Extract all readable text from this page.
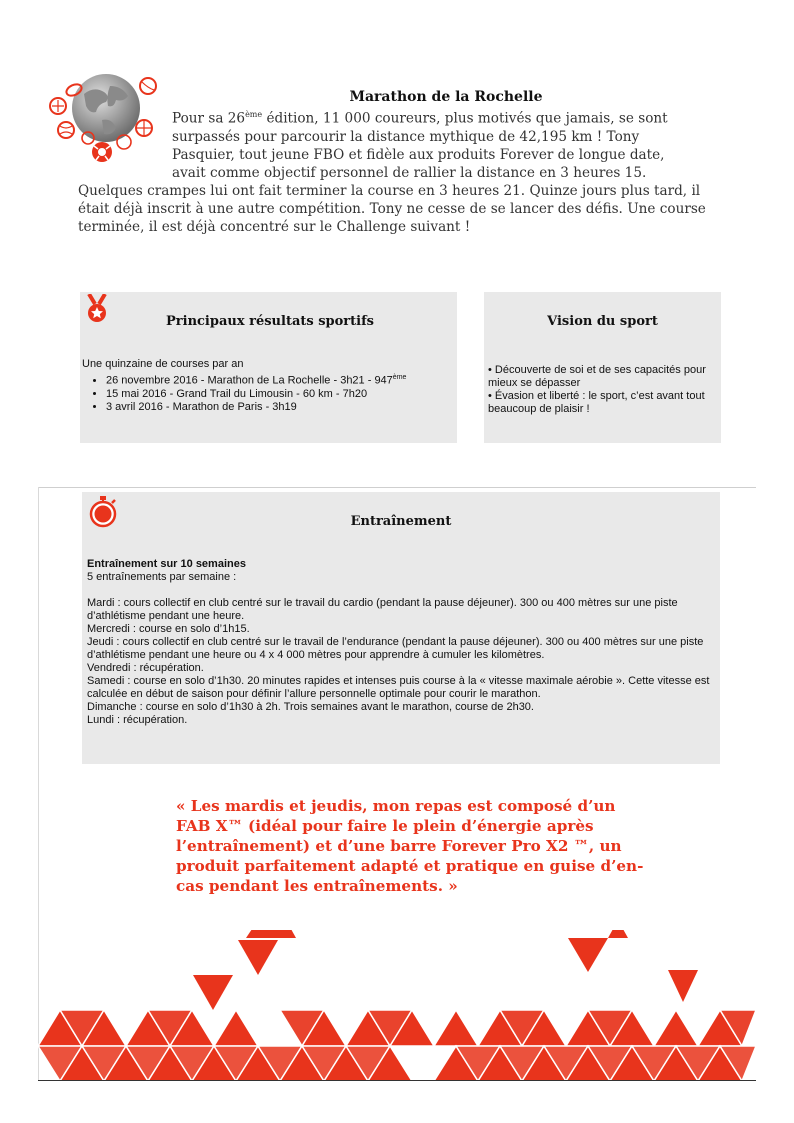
Marathon de la Rochelle
Pour sa 26ème édition, 11 000 coureurs, plus motivés que jamais, se sont
surpassés pour parcourir la distance mythique de 42,195 km ! Tony
Pasquier, tout jeune FBO et fidèle aux produits Forever de longue date,
avait comme objectif personnel de rallier la distance en 3 heures 15.
Quelques crampes lui ont fait terminer la course en 3 heures 21. Quinze jours plus tard, il était déjà inscrit à une autre compétition. Tony ne cesse de se lancer des défis. Une course terminée, il est déjà concentré sur le Challenge suivant !
Principaux résultats sportifs
Une quinzaine de courses par an
• 26 novembre 2016 - Marathon de La Rochelle - 3h21 - 947ème
• 15 mai 2016 - Grand Trail du Limousin - 60 km - 7h20
• 3 avril 2016 - Marathon de Paris - 3h19
Vision du sport
• Découverte de soi et de ses capacités pour mieux se dépasser
• Évasion et liberté : le sport, c’est avant tout beaucoup de plaisir !
Entraînement
Entraînement sur 10 semaines
5 entraînements par semaine :
Mardi : cours collectif en club centré sur le travail du cardio (pendant la pause déjeuner). 300 ou 400 mètres sur une piste d’athlétisme pendant une heure.
Mercredi : course en solo d’1h15.
Jeudi : cours collectif en club centré sur le travail de l’endurance (pendant la pause déjeuner). 300 ou 400 mètres sur une piste d’athlétisme pendant une heure ou 4 x 4 000 mètres pour apprendre à cumuler les kilomètres.
Vendredi : récupération.
Samedi : course en solo d’1h30. 20 minutes rapides et intenses puis course à la « vitesse maximale aérobie ». Cette vitesse est calculée en début de saison pour définir l’allure personnelle optimale pour courir le marathon.
Dimanche : course en solo d’1h30 à 2h. Trois semaines avant le marathon, course de 2h30.
Lundi : récupération.
« Les mardis et jeudis, mon repas est composé d’un FAB X™ (idéal pour faire le plein d’énergie après l’entraînement) et d’une barre Forever Pro X2 ™, un produit parfaitement adapté et pratique en guise d’en-cas pendant les entraînements. »
